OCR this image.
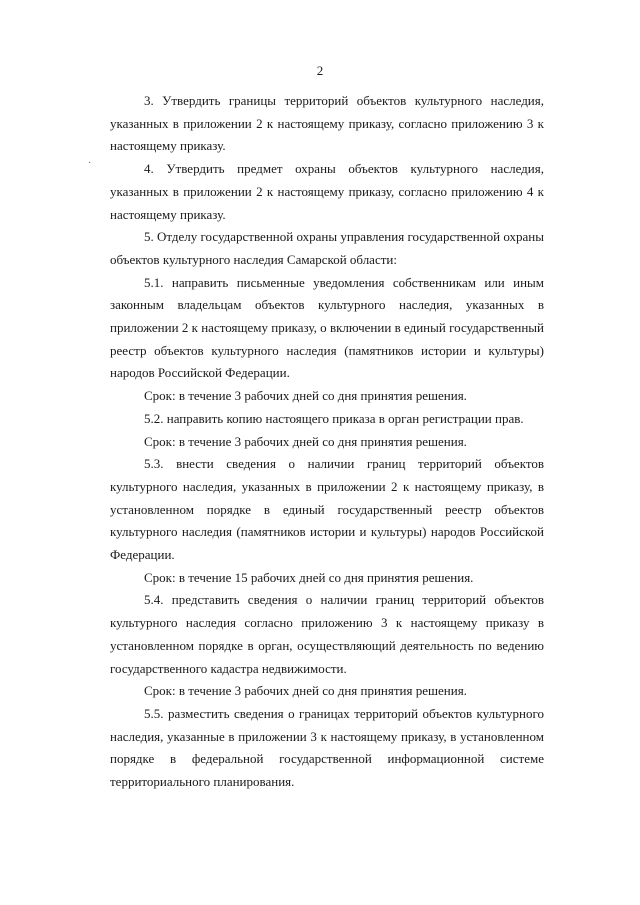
2
·

3. Утвердить границы территорий объектов культурного наследия, указанных в приложении 2 к настоящему приказу, согласно приложению 3 к настоящему приказу.

4. Утвердить предмет охраны объектов культурного наследия, указанных в приложении 2 к настоящему приказу, согласно приложению 4 к настоящему приказу.

5. Отделу государственной охраны управления государственной охраны объектов культурного наследия Самарской области:

5.1. направить письменные уведомления собственникам или иным законным владельцам объектов культурного наследия, указанных в приложении 2 к настоящему приказу, о включении в единый государственный реестр объектов культурного наследия (памятников истории и культуры) народов Российской Федерации.

Срок: в течение 3 рабочих дней со дня принятия решения.

5.2. направить копию настоящего приказа в орган регистрации прав.

Срок: в течение 3 рабочих дней со дня принятия решения.

5.3. внести сведения о наличии границ территорий объектов культурного наследия, указанных в приложении 2 к настоящему приказу, в установленном порядке в единый государственный реестр объектов культурного наследия (памятников истории и культуры) народов Российской Федерации.

Срок: в течение 15 рабочих дней со дня принятия решения.

5.4. представить сведения о наличии границ территорий объектов культурного наследия согласно приложению 3 к настоящему приказу в установленном порядке в орган, осуществляющий деятельность по ведению государственного кадастра недвижимости.

Срок: в течение 3 рабочих дней со дня принятия решения.

5.5. разместить сведения о границах территорий объектов культурного наследия, указанные в приложении 3 к настоящему приказу, в установленном порядке в федеральной государственной информационной системе территориального планирования.
